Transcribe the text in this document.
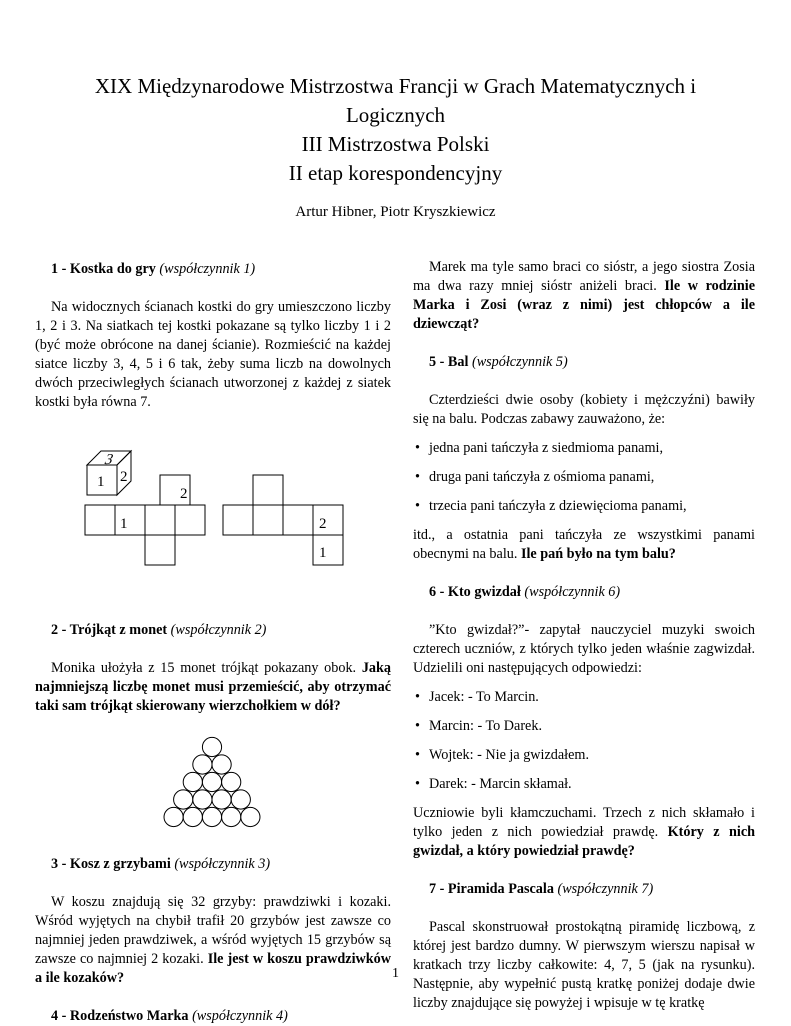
XIX Międzynarodowe Mistrzostwa Francji w Grach Matematycznych i
Logicznych
III Mistrzostwa Polski
II etap korespondencyjny
Artur Hibner, Piotr Kryszkiewicz
1 - Kostka do gry (współczynnik 1)

Na widocznych ścianach kostki do gry umieszczono liczby 1, 2 i 3. Na siatkach tej kostki pokazane są tylko liczby 1 i 2 (być może obrócone na danej ścianie). Rozmieścić na każdej siatce liczby 3, 4, 5 i 6 tak, żeby suma liczb na dowolnych dwóch przeciwległych ścianach utworzonej z każdej z siatek kostki była równa 7.

3
1 2
2
1	2
1
2 - Trójkąt z monet (współczynnik 2)

Monika ułożyła z 15 monet trójkąt pokazany obok. Jaką najmniejszą liczbę monet musi przemieścić, aby otrzymać taki sam trójkąt skierowany wierzchołkiem w dół?

3 - Kosz z grzybami (współczynnik 3)

W koszu znajdują się 32 grzyby: prawdziwki i kozaki. Wśród wyjętych na chybił trafił 20 grzybów jest zawsze co najmniej jeden prawdziwek, a wśród wyjętych 15 grzybów są zawsze co najmniej 2 kozaki. Ile jest w koszu prawdziwków a ile kozaków?

4 - Rodzeństwo Marka (współczynnik 4)

Marek ma tyle samo braci co sióstr, a jego siostra Zosia ma dwa razy mniej sióstr aniżeli braci. Ile w rodzinie Marka i Zosi (wraz z nimi) jest chłopców a ile dziewcząt?

5 - Bal (współczynnik 5)

Czterdzieści dwie osoby (kobiety i mężczyźni) bawiły się na balu. Podczas zabawy zauważono, że:

• jedna pani tańczyła z siedmioma panami,
• druga pani tańczyła z ośmioma panami,
• trzecia pani tańczyła z dziewięcioma panami,

itd., a ostatnia pani tańczyła ze wszystkimi panami obecnymi na balu. Ile pań było na tym balu?

6 - Kto gwizdał (współczynnik 6)

”Kto gwizdał?”- zapytał nauczyciel muzyki swoich czterech uczniów, z których tylko jeden właśnie zagwizdał. Udzielili oni następujących odpowiedzi:

• Jacek: - To Marcin.
• Marcin: - To Darek.
• Wojtek: - Nie ja gwizdałem.
• Darek: - Marcin skłamał.

Uczniowie byli kłamczuchami. Trzech z nich skłamało i tylko jeden z nich powiedział prawdę. Który z nich gwizdał, a który powiedział prawdę?

7 - Piramida Pascala (współczynnik 7)

Pascal skonstruował prostokątną piramidę liczbową, z której jest bardzo dumny. W pierwszym wierszu napisał w kratkach trzy liczby całkowite: 4, 7, 5 (jak na rysunku). Następnie, aby wypełnić pustą kratkę poniżej dodaje dwie liczby znajdujące się powyżej i wpisuje w tę kratkę

1
